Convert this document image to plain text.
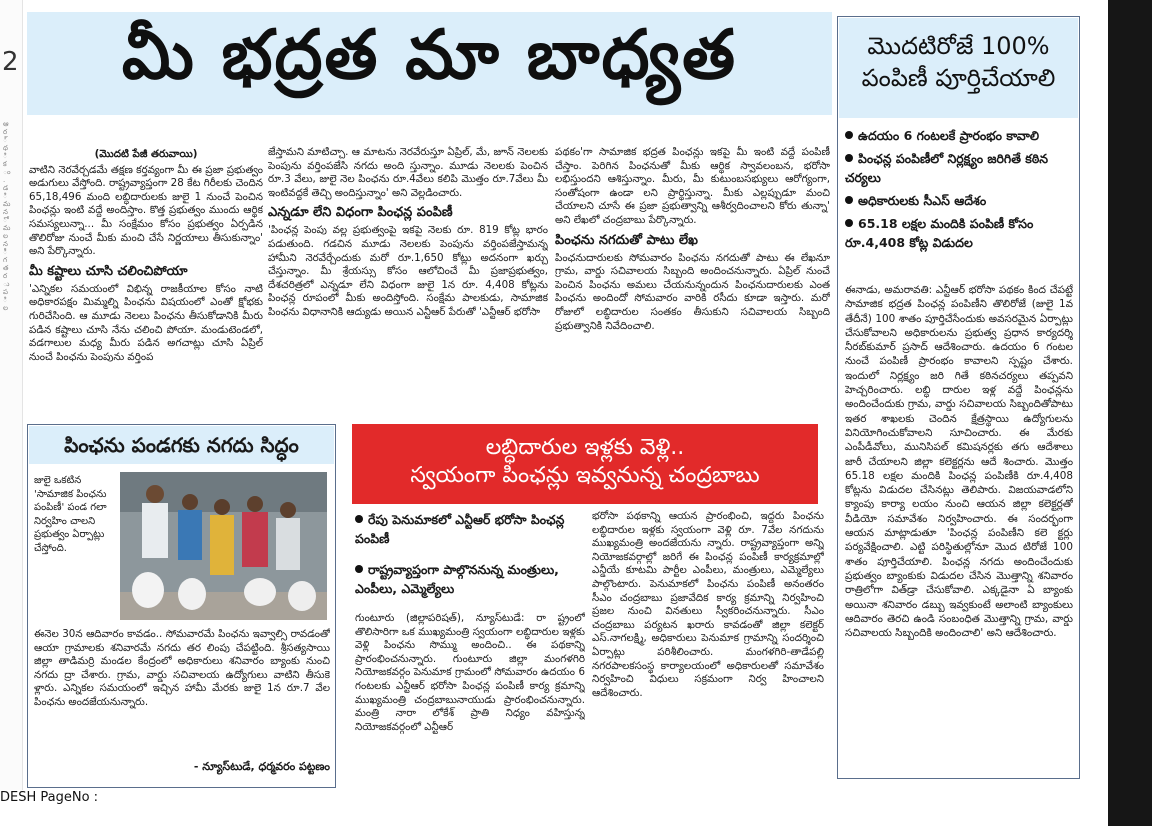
2
ఆ
ర
్
థ
ి
క
ం
.
డ
ి
మ
న
ో
మ
ల
న
ీ
గ
త
ర
ు
ప
ి
ల
DESH PageNo :
మీ భద్రత మా బాధ్యత
(మొదటి పేజీ తరువాయి)
వాటిని నెరవేర్చడమే తక్షణ కర్తవ్యంగా మీ ఈ ప్రజా ప్రభుత్వం అడుగులు వేస్తోంది. రాష్ట్రవ్యాప్తంగా 28 కేట గిరీలకు చెందిన 65,18,496 మంది లబ్ధిదారులకు జులై 1 నుంచే పెంచిన పింఛన్లు ఇంటి వద్దే అందిస్తాం. కొత్త ప్రభుత్వం ముందు ఆర్థిక సమస్యలున్నా... మీ సంక్షేమం కోసం ప్రభుత్వం ఏర్పడిన తొలిరోజు నుంచే మీకు మంచి చేసే నిర్ణయాలు తీసుకున్నాం' అని పేర్కొన్నారు.
మీ కష్టాలు చూసి చలించిపోయా
'ఎన్నికల సమయంలో విభిన్న రాజకీయాల కోసం నాటి అధికారపక్షం మిమ్మల్ని పింఛను విషయంలో ఎంతో క్షోభకు గురిచేసింది. ఆ మూడు నెలలు పింఛను తీసుకోడానికి మీరు పడిన కష్టాలు చూసి నేను చలించి పోయా. మండుటెండలో, వడగాలుల మధ్య మీరు పడిన అగచాట్లు చూసి ఏప్రిల్ నుంచే పింఛను పెంపును వర్తింప
జేస్తామని మాటిచ్చా. ఆ మాటను నెరవేరుస్తూ ఏప్రిల్, మే, జూన్ నెలలకు పెంపును వర్తింపజేసి నగదు అంది స్తున్నాం. మూడు నెలలకు పెంచిన రూ.3 వేలు, జులై నెల పింఛను రూ.4వేలు కలిపి మొత్తం రూ.7వేలు మీ ఇంటివద్దకే తెచ్చి అందిస్తున్నాం' అని వెల్లడించారు.
ఎన్నడూ లేని విధంగా పింఛన్ల పంపిణీ
'పింఛన్ల పెంపు వల్ల ప్రభుత్వంపై ఇకపై నెలకు రూ. 819 కోట్ల భారం పడుతుంది. గడచిన మూడు నెలలకు పెంపును వర్తింపజేస్తామన్న హామీని నెరవేర్చేందుకు మరో రూ.1,650 కోట్లు అదనంగా ఖర్చు చేస్తున్నాం. మీ శ్రేయస్సు కోసం ఆలోచించే మీ ప్రజాప్రభుత్వం, దేశచరిత్రలో ఎన్నడూ లేని విధంగా జులై 1న రూ. 4,408 కోట్లను పింఛన్ల రూపంలో మీకు అందిస్తోంది. సంక్షేమ పాలకుడు, సామాజిక పింఛను విధానానికి ఆద్యుడు అయిన ఎన్టీఆర్ పేరుతో 'ఎన్టీఆర్ భరోసా
పథకం'గా సామాజిక భద్రత పింఛన్లు ఇకపై మీ ఇంటి వద్దే పంపిణీ చేస్తాం. పెరిగిన పింఛనుతో మీకు ఆర్థిక స్వావలంబన, భరోసా లభిస్తుందని ఆశిస్తున్నాం. మీరు, మీ కుటుంబసభ్యులు ఆరోగ్యంగా, సంతోషంగా ఉండా లని ప్రార్థిస్తున్నా. మీకు ఎల్లప్పుడూ మంచి చేయాలని చూసే ఈ ప్రజా ప్రభుత్వాన్ని ఆశీర్వదించాలని కోరు తున్నా' అని లేఖలో చంద్రబాబు పేర్కొన్నారు.
పింఛను నగదుతో పాటు లేఖ
పింఛనుదారులకు సోమవారం పింఛను నగదుతో పాటు ఈ లేఖనూ గ్రామ, వార్డు సచివాలయ సిబ్బంది అందించనున్నారు. ఏప్రిల్ నుంచే పెంచిన పింఛను అమలు చేయనున్నందున పింఛనుదారులకు ఎంత పింఛను అందిందో సోమవారం వారికి రసీదు కూడా ఇస్తారు. మరో రోజులో లబ్ధిదారుల సంతకం తీసుకుని సచివాలయ సిబ్బంది ప్రభుత్వానికి నివేదించాలి.
మొదటిరోజే 100%
పంపిణీ పూర్తిచేయాలి
ఉదయం 6 గంటలకే ప్రారంభం కావాలి
పింఛన్ల పంపిణీలో నిర్లక్ష్యం జరిగితే కఠిన చర్యలు
అధికారులకు సీఎస్ ఆదేశం
65.18 లక్షల మందికి పంపిణీ కోసం రూ.4,408 కోట్ల విడుదల
ఈనాడు, అమరావతి: ఎన్టీఆర్ భరోసా పథకం కింద చేపట్టే సామాజిక భద్రత పింఛన్ల పంపిణీని తొలిరోజే (జులై 1వ తేదీనే) 100 శాతం పూర్తిచేసేందుకు అవసరమైన ఏర్పాట్లు చేసుకోవాలని అధికారులను ప్రభుత్వ ప్రధాన కార్యదర్శి నీరబ్‌కుమార్ ప్రసాద్ ఆదేశించారు. ఉదయం 6 గంటల నుంచే పంపిణీ ప్రారంభం కావాలని స్పష్టం చేశారు. ఇందులో నిర్లక్ష్యం జరి గితే కఠినచర్యలు తప్పవని హెచ్చరించారు. లబ్ధి దారుల ఇళ్ల వద్దే పింఛన్లను అందించేందుకు గ్రామ, వార్డు సచివాలయ సిబ్బందితోపాటు ఇతర శాఖలకు చెందిన క్షేత్రస్థాయి ఉద్యోగులను వినియోగించుకోవాలని సూచించారు. ఈ మేరకు ఎంపీడీవోలు, మునిసిపల్ కమిషనర్లకు తగు ఆదేశాలు జారీ చేయాలని జిల్లా కలెక్టర్లను ఆదే శించారు. మొత్తం 65.18 లక్షల మందికి పింఛన్ల పంపిణీకి రూ.4,408 కోట్లను విడుదల చేసినట్లు తెలిపారు. విజయవాడలోని క్యాంపు కార్యా లయం నుంచి ఆయన జిల్లా కలెక్టర్లతో వీడియో సమావేశం నిర్వహించారు. ఈ సందర్భంగా ఆయన మాట్లాడుతూ 'పింఛన్ల పంపిణీని కలె క్టర్లు పర్యవేక్షించాలి. ఎట్టి పరిస్థితుల్లోనూ మొద టిరోజే 100 శాతం పూర్తిచేయాలి. పింఛన్ల నగదు అందించేందుకు ప్రభుత్వం బ్యాంకుకు విడుదల చేసిన మొత్తాన్ని శనివారం రాత్రిలోగా విత్‌డ్రా చేసుకోవాలి. ఎక్కడైనా ఏ బ్యాంకు అయినా శనివారం డబ్బు ఇవ్వకుంటే అలాంటి బ్యాంకులు ఆదివారం తెరచి ఉండి సంబంధిత మొత్తాన్ని గ్రామ, వార్డు సచివాలయ సిబ్బందికి అందించాలి' అని ఆదేశించారు.
పింఛను పండగకు నగదు సిద్ధం
జులై ఒకటిన 'సామాజిక పింఛను పంపిణీ' పండ గలా నిర్వహిం చాలని ప్రభుత్వం ఏర్పాట్లు చేస్తోంది.
ఈనెల 30న ఆదివారం కావడం.. సోమవారమే పింఛను ఇవ్వాల్సి రావడంతో ఆయా గ్రామాలకు శనివారమే నగదు తర లింపు చేపట్టింది. శ్రీసత్యసాయి జిల్లా తాడిమర్రి మండల కేంద్రంలో అధికారులు శనివారం బ్యాంకు నుంచి నగదు ద్రా చేశారు. గ్రామ, వార్డు సచివాలయ ఉద్యోగులు వాటిని తీసుకె ళ్లారు. ఎన్నికల సమయంలో ఇచ్చిన హామీ మేరకు జులై 1న రూ.7 వేల పింఛను అందజేయనున్నారు.
- న్యూస్‌టుడే, ధర్మవరం పట్టణం
లబ్ధిదారుల ఇళ్లకు వెళ్లి..
స్వయంగా పింఛన్లు ఇవ్వనున్న చంద్రబాబు
రేపు పెనుమాకలో ఎన్టీఆర్ భరోసా పింఛన్ల పంపిణీ
రాష్ట్రవ్యాప్తంగా పాల్గొననున్న మంత్రులు, ఎంపీలు, ఎమ్మెల్యేలు
గుంటూరు (జిల్లాపరిషత్), న్యూస్‌టుడే: రా ష్ట్రంలో తొలిసారిగా ఒక ముఖ్యమంత్రి స్వయంగా లబ్ధిదారుల ఇళ్లకు వెళ్లి పింఛను సొమ్ము అందించి.. ఈ పథకాన్ని ప్రారంభించనున్నారు. గుంటూరు జిల్లా మంగళగిరి నియోజకవర్గం పెనుమాక గ్రామంలో సోమవారం ఉదయం 6 గంటలకు ఎన్టీఆర్ భరోసా పింఛన్ల పంపిణీ కార్య క్రమాన్ని ముఖ్యమంత్రి చంద్రబాబునాయుడు ప్రారంభించనున్నారు. మంత్రి నారా లోకేశ్ ప్రాతి నిధ్యం వహిస్తున్న నియోజకవర్గంలో ఎన్టీఆర్
భరోసా పథకాన్ని ఆయన ప్రారంభించి, ఇద్దరు పింఛను లబ్ధిదారుల ఇళ్లకు స్వయంగా వెళ్లి రూ. 7వేల నగదును ముఖ్యమంత్రి అందజేయను న్నారు. రాష్ట్రవ్యాప్తంగా అన్ని నియోజకవర్గాల్లో జరిగే ఈ పింఛన్ల పంపిణీ కార్యక్రమాల్లో ఎన్డీయే కూటమి పార్టీల ఎంపీలు, మంత్రులు, ఎమ్మెల్యేలు పాల్గొంటారు. పెనుమాకలో పింఛను పంపిణీ అనంతరం సీఎం చంద్రబాబు ప్రజావేదిక కార్య క్రమాన్ని నిర్వహించి ప్రజల నుంచి వినతులు స్వీకరించనున్నారు. సీఎం చంద్రబాబు పర్యటన ఖరారు కావడంతో జిల్లా కలెక్టర్ ఎస్.నాగలక్ష్మి, అధికారులు పెనుమాక గ్రామాన్ని సందర్శించి ఏర్పాట్లు పరిశీలించారు. మంగళగిరి-తాడేపల్లి నగరపాలకసంస్థ కార్యాలయంలో అధికారులతో సమావేశం నిర్వహించి విధులు సక్రమంగా నిర్వ హించాలని ఆదేశించారు.
